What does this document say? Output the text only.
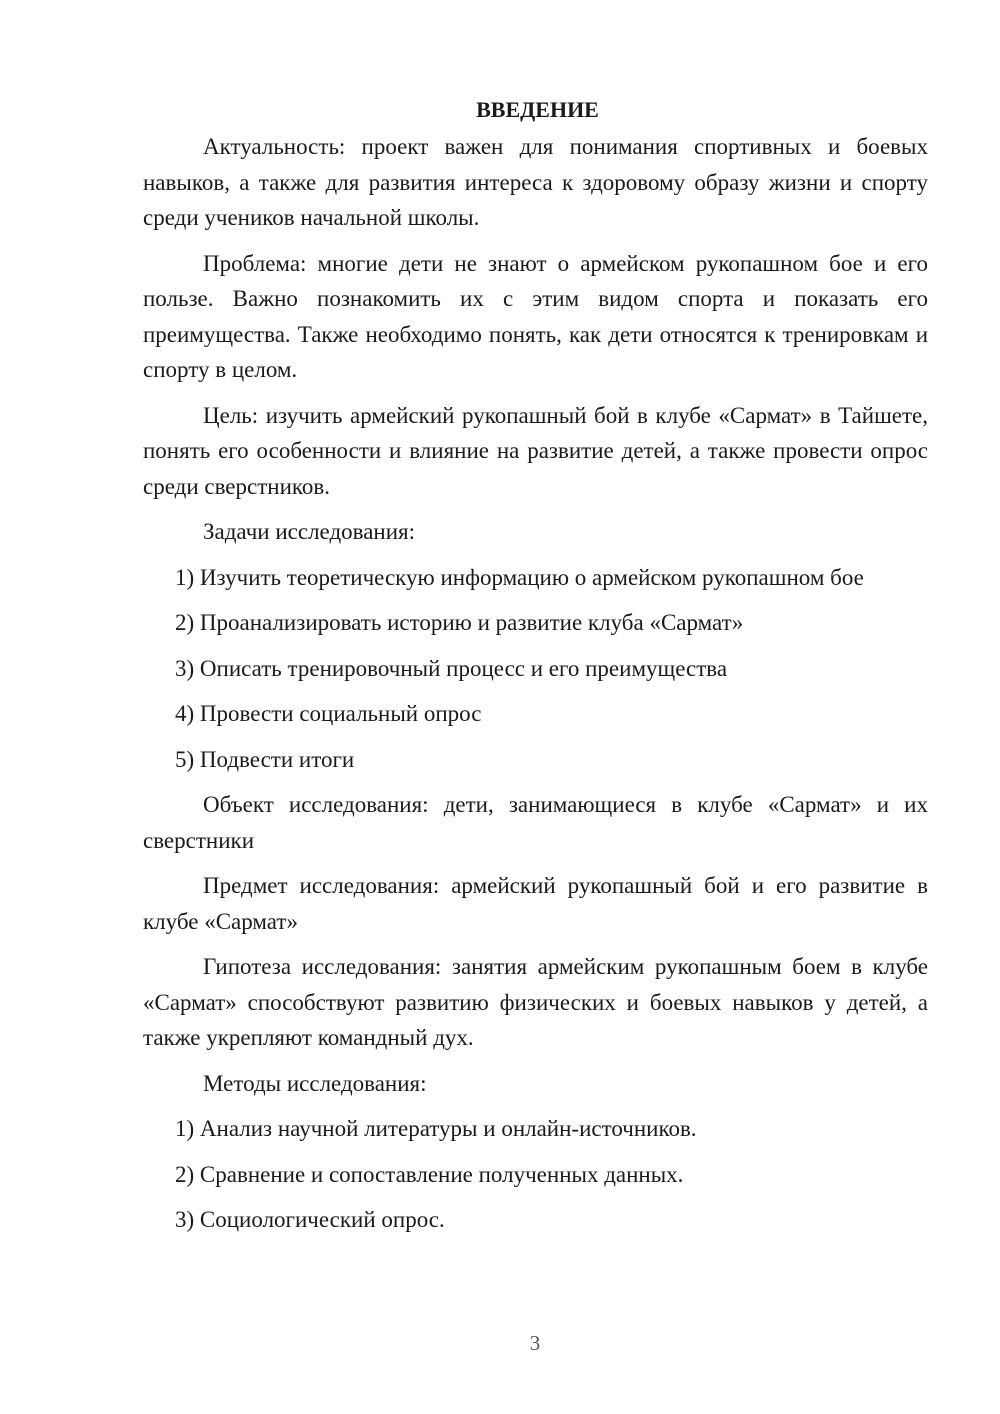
ВВЕДЕНИЕ

Актуальность: проект важен для понимания спортивных и боевых навыков, а также для развития интереса к здоровому образу жизни и спорту среди учеников начальной школы.

Проблема: многие дети не знают о армейском рукопашном бое и его пользе. Важно познакомить их с этим видом спорта и показать его преимущества. Также необходимо понять, как дети относятся к тренировкам и спорту в целом.

Цель: изучить армейский рукопашный бой в клубе «Сармат» в Тайшете, понять его особенности и влияние на развитие детей, а также провести опрос среди сверстников.

Задачи исследования:

1) Изучить теоретическую информацию о армейском рукопашном бое
2) Проанализировать историю и развитие клуба «Сармат»
3) Описать тренировочный процесс и его преимущества
4) Провести социальный опрос
5) Подвести итоги

Объект исследования: дети, занимающиеся в клубе «Сармат» и их сверстники

Предмет исследования: армейский рукопашный бой и его развитие в клубе «Сармат»

Гипотеза исследования: занятия армейским рукопашным боем в клубе «Сармат» способствуют развитию физических и боевых навыков у детей, а также укрепляют командный дух.

Методы исследования:

1) Анализ научной литературы и онлайн-источников.
2) Сравнение и сопоставление полученных данных.
3) Социологический опрос.
3
